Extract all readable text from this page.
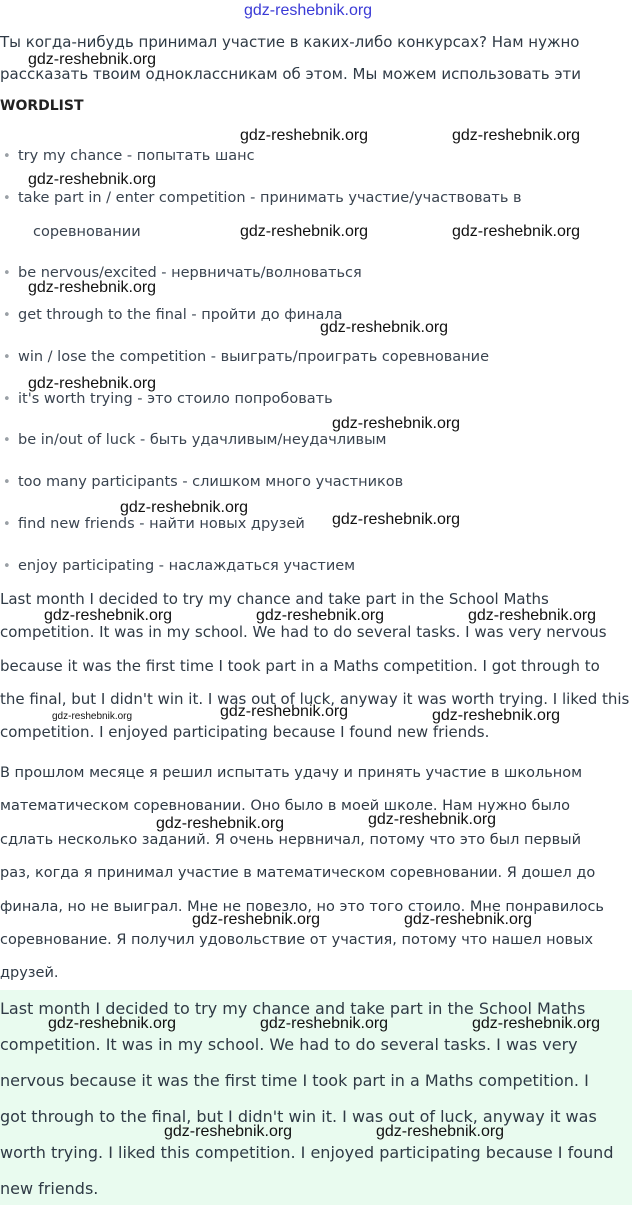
gdz-reshebnik.org
Ты когда-нибудь принимал участие в каких-либо конкурсах? Нам нужно
рассказать твоим одноклассникам об этом. Мы можем использовать эти
gdz-reshebnik.org
WORDLIST
• try my chance - попытать шанс
• take part in / enter competition - принимать участие/участвовать в
соревновании
• be nervous/excited - нервничать/волноваться
• get through to the final - пройти до финала
• win / lose the competition - выиграть/проиграть соревнование
• it's worth trying - это стоило попробовать
• be in/out of luck - быть удачливым/неудачливым
• too many participants - слишком много участников
• find new friends - найти новых друзей
• enjoy participating - наслаждаться участием
gdz-reshebnik.org	gdz-reshebnik.org
gdz-reshebnik.org
gdz-reshebnik.org	gdz-reshebnik.org
gdz-reshebnik.org
gdz-reshebnik.org
gdz-reshebnik.org
gdz-reshebnik.org
gdz-reshebnik.org
gdz-reshebnik.org
Last month I decided to try my chance and take part in the School Maths
competition. It was in my school. We had to do several tasks. I was very nervous
because it was the first time I took part in a Maths competition. I got through to
the final, but I didn't win it. I was out of luck, anyway it was worth trying. I liked this
competition. I enjoyed participating because I found new friends.
gdz-reshebnik.org	gdz-reshebnik.org	gdz-reshebnik.org
gdz-reshebnik.org	gdz-reshebnik.org	gdz-reshebnik.org
В прошлом месяце я решил испытать удачу и принять участие в школьном
математическом соревновании. Оно было в моей школе. Нам нужно было
сдлать несколько заданий. Я очень нервничал, потому что это был первый
раз, когда я принимал участие в математическом соревновании. Я дошел до
финала, но не выиграл. Мне не повезло, но это того стоило. Мне понравилось
соревнование. Я получил удовольствие от участия, потому что нашел новых
друзей.
gdz-reshebnik.org
gdz-reshebnik.org
gdz-reshebnik.org	gdz-reshebnik.org
Last month I decided to try my chance and take part in the School Maths
competition. It was in my school. We had to do several tasks. I was very
nervous because it was the first time I took part in a Maths competition. I
got through to the final, but I didn't win it. I was out of luck, anyway it was
worth trying. I liked this competition. I enjoyed participating because I found
new friends.
gdz-reshebnik.org	gdz-reshebnik.org	gdz-reshebnik.org
gdz-reshebnik.org	gdz-reshebnik.org
